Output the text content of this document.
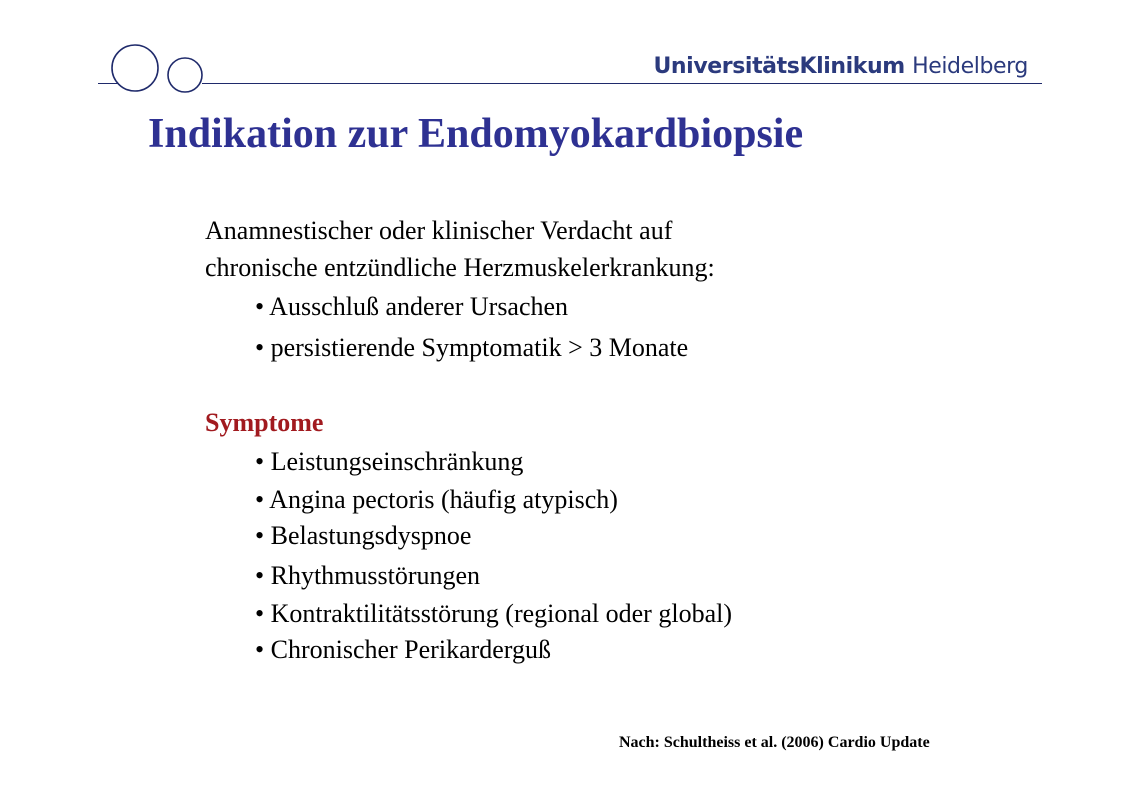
UniversitätsKlinikum Heidelberg
Indikation zur Endomyokardbiopsie
Anamnestischer oder klinischer Verdacht auf
chronische entzündliche Herzmuskelerkrankung:
• Ausschluß anderer Ursachen
• persistierende Symptomatik > 3 Monate
Symptome
• Leistungseinschränkung
• Angina pectoris (häufig atypisch)
• Belastungsdyspnoe
• Rhythmusstörungen
• Kontraktilitätsstörung (regional oder global)
• Chronischer Perikarderguß
Nach: Schultheiss et al. (2006) Cardio Update
